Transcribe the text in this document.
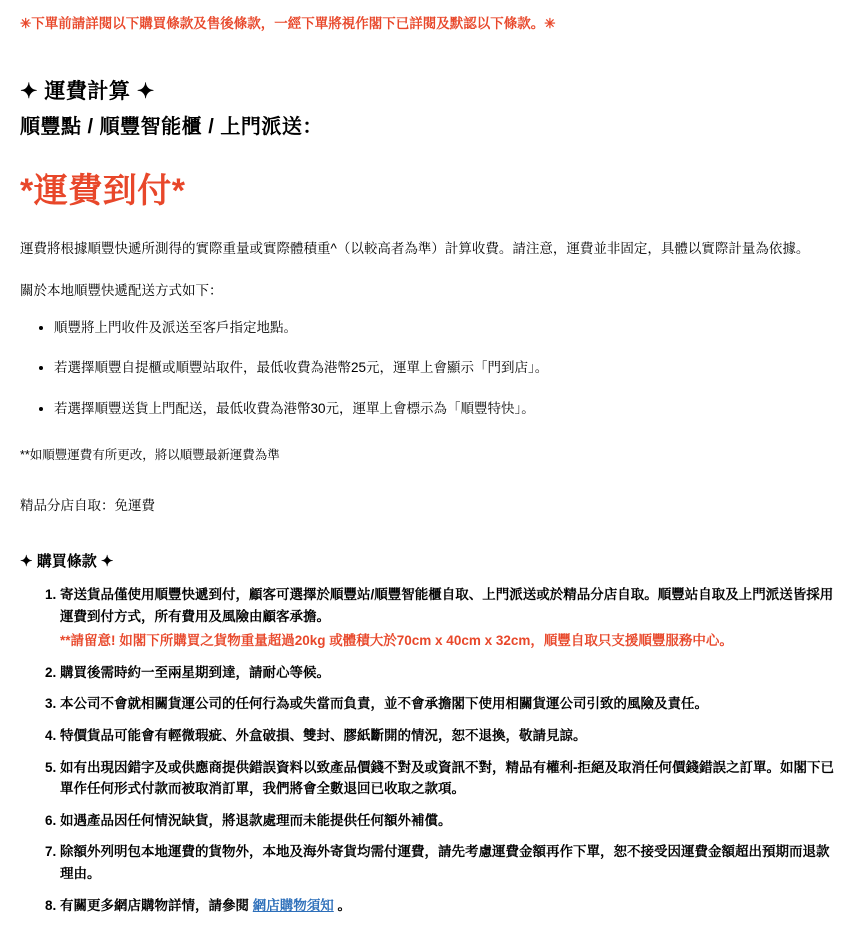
✳下單前請詳閱以下購買條款及售後條款，一經下單將視作閣下已詳閱及默認以下條款。✳

✦ 運費計算 ✦
順豐點 / 順豐智能櫃 / 上門派送：

*運費到付*

運費將根據順豐快遞所測得的實際重量或實際體積重^（以較高者為準）計算收費。請注意，運費並非固定，具體以實際計量為依據。

關於本地順豐快遞配送方式如下：

• 順豐將上門收件及派送至客戶指定地點。
• 若選擇順豐自提櫃或順豐站取件，最低收費為港幣25元，運單上會顯示「門到店」。
• 若選擇順豐送貨上門配送，最低收費為港幣30元，運單上會標示為「順豐特快」。

**如順豐運費有所更改，將以順豐最新運費為準

精品分店自取：免運費

✦ 購買條款 ✦
1. 寄送貨品僅使用順豐快遞到付，顧客可選擇於順豐站/順豐智能櫃自取、上門派送或於精品分店自取。順豐站自取及上門派送皆採用運費到付方式，所有費用及風險由顧客承擔。
**請留意! 如閣下所購買之貨物重量超過20kg 或體積大於70cm x 40cm x 32cm，順豐自取只支援順豐服務中心。
2. 購買後需時約一至兩星期到達，請耐心等候。
3. 本公司不會就相關貨運公司的任何行為或失當而負責，並不會承擔閣下使用相關貨運公司引致的風險及責任。
4. 特價貨品可能會有輕微瑕疵、外盒破損、雙封、膠紙斷開的情況，恕不退換，敬請見諒。
5. 如有出現因錯字及或供應商提供錯誤資料以致產品價錢不對及或資訊不對，精品有權利-拒絕及取消任何價錢錯誤之訂單。如閣下已單作任何形式付款而被取消訂單，我們將會全數退回已收取之款項。
6. 如遇產品因任何情況缺貨，將退款處理而未能提供任何額外補償。
7. 除額外列明包本地運費的貨物外，本地及海外寄貨均需付運費，請先考慮運費金額再作下單，恕不接受因運費金額超出預期而退款理由。
8. 有關更多網店購物詳情，請參閱 網店購物須知 。
